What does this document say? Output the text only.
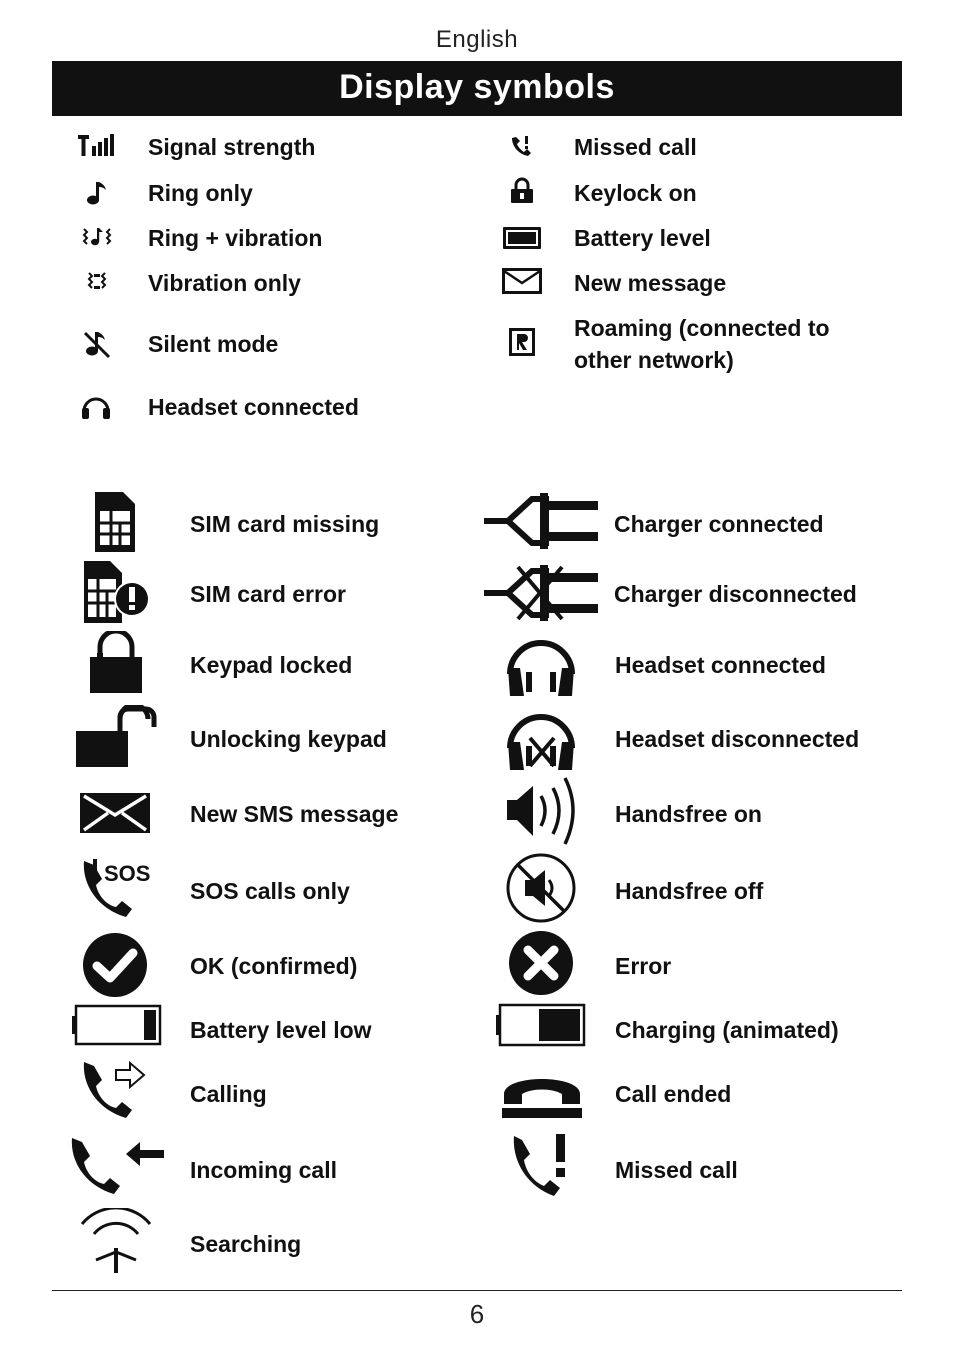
English
Display symbols
Signal strength
Ring only
Ring + vibration
Vibration only
Silent mode
Headset connected
Missed call
Keylock on
Battery level
New message
Roaming (connected to
other network)
SIM card missing
SIM card error
Keypad locked
Unlocking keypad
New SMS message
SOS
SOS calls only
OK (confirmed)
Battery level low
Calling
Incoming call
Searching
Charger connected
Charger disconnected
Headset connected
Headset disconnected
Handsfree on
Handsfree off
Error
Charging (animated)
Call ended
Missed call
6
